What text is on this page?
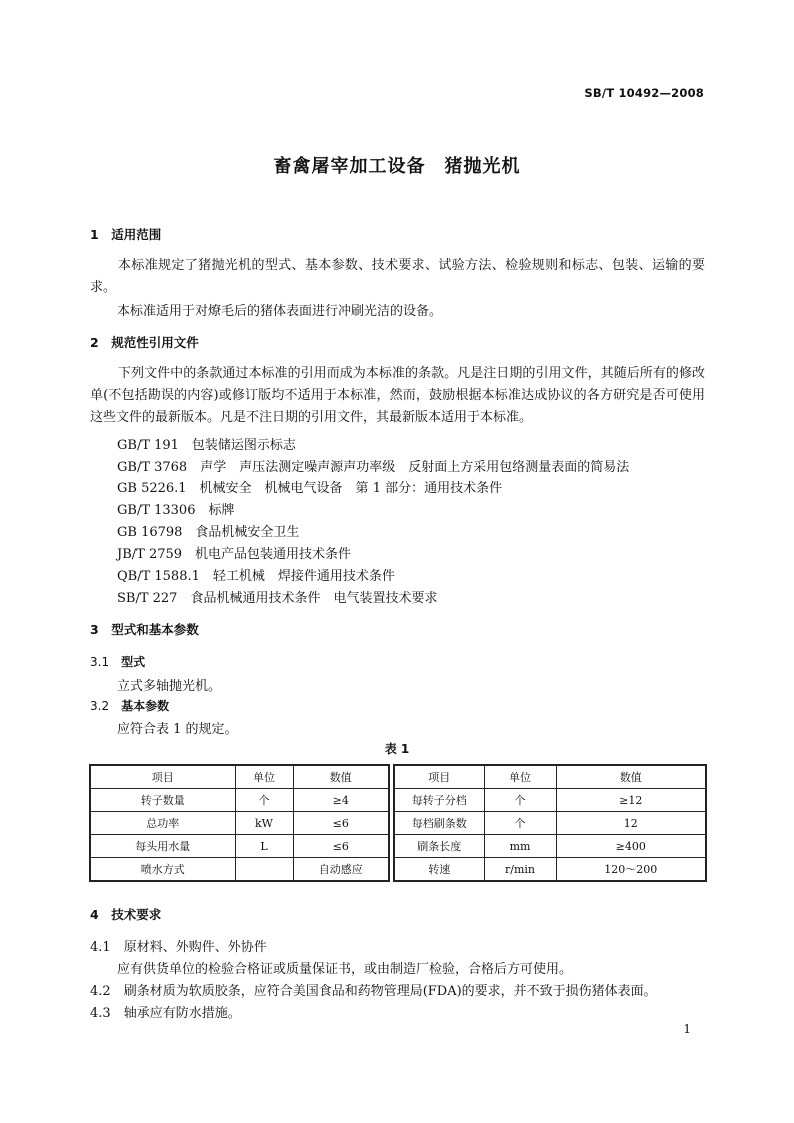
SB/T 10492—2008
畜禽屠宰加工设备　猪抛光机
1　适用范围
本标准规定了猪抛光机的型式、基本参数、技术要求、试验方法、检验规则和标志、包装、运输的要求。
本标准适用于对燎毛后的猪体表面进行冲刷光洁的设备。
2　规范性引用文件
下列文件中的条款通过本标准的引用而成为本标准的条款。凡是注日期的引用文件，其随后所有的修改单(不包括勘误的内容)或修订版均不适用于本标准，然而，鼓励根据本标准达成协议的各方研究是否可使用这些文件的最新版本。凡是不注日期的引用文件，其最新版本适用于本标准。
GB/T 191　包装储运图示标志
GB/T 3768　声学　声压法测定噪声源声功率级　反射面上方采用包络测量表面的简易法
GB 5226.1　机械安全　机械电气设备　第 1 部分：通用技术条件
GB/T 13306　标牌
GB 16798　食品机械安全卫生
JB/T 2759　机电产品包装通用技术条件
QB/T 1588.1　轻工机械　焊接件通用技术条件
SB/T 227　食品机械通用技术条件　电气装置技术要求
3　型式和基本参数
3.1　 型式
立式多轴抛光机。
3.2　 基本参数
应符合表 1 的规定。
表 1
项目	单位	数值
转子数量	个	≥4
总功率	kW	≤6
每头用水量	L	≤6
喷水方式		自动感应
项目	单位	数值
每转子分档	个	≥12
每档刷条数	个	12
刷条长度	mm	≥400
转速	r/min	120～200
4　技术要求
4.1　 原材料、外购件、外协件
应有供货单位的检验合格证或质量保证书，或由制造厂检验，合格后方可使用。
4.2　 刷条材质为软质胶条，应符合美国食品和药物管理局(FDA)的要求，并不致于损伤猪体表面。
4.3　 轴承应有防水措施。
1
